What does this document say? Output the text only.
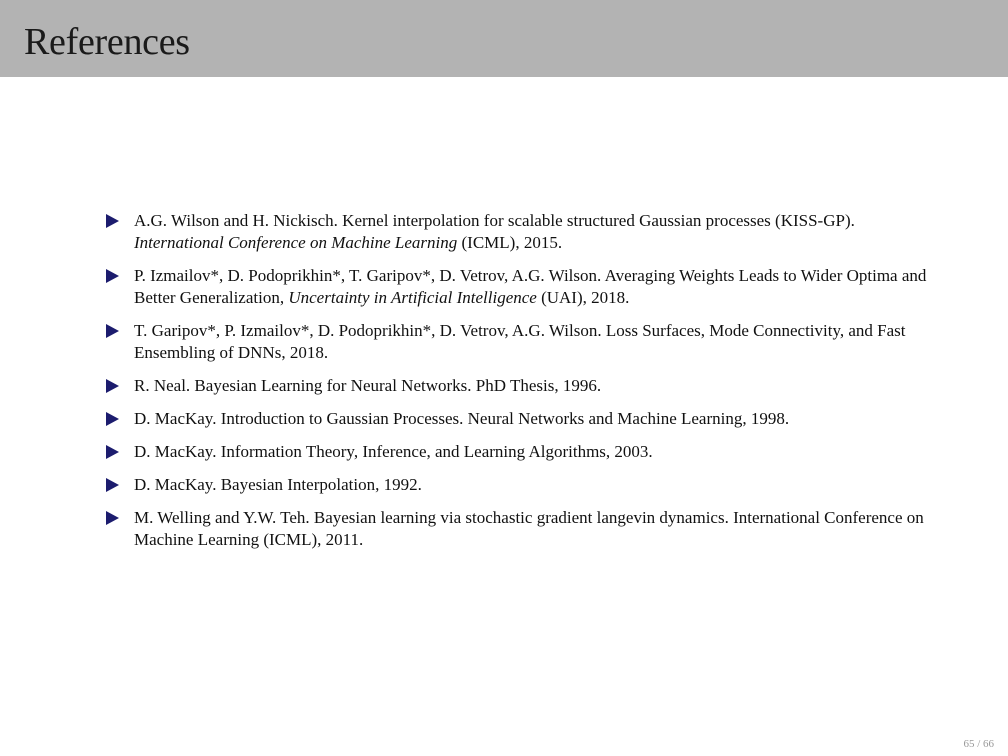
References
A.G. Wilson and H. Nickisch. Kernel interpolation for scalable structured Gaussian processes (KISS-GP). International Conference on Machine Learning (ICML), 2015.
P. Izmailov*, D. Podoprikhin*, T. Garipov*, D. Vetrov, A.G. Wilson. Averaging Weights Leads to Wider Optima and Better Generalization, Uncertainty in Artificial Intelligence (UAI), 2018.
T. Garipov*, P. Izmailov*, D. Podoprikhin*, D. Vetrov, A.G. Wilson. Loss Surfaces, Mode Connectivity, and Fast Ensembling of DNNs, 2018.
R. Neal. Bayesian Learning for Neural Networks. PhD Thesis, 1996.
D. MacKay. Introduction to Gaussian Processes. Neural Networks and Machine Learning, 1998.
D. MacKay. Information Theory, Inference, and Learning Algorithms, 2003.
D. MacKay. Bayesian Interpolation, 1992.
M. Welling and Y.W. Teh. Bayesian learning via stochastic gradient langevin dynamics. International Conference on Machine Learning (ICML), 2011.
65 / 66
